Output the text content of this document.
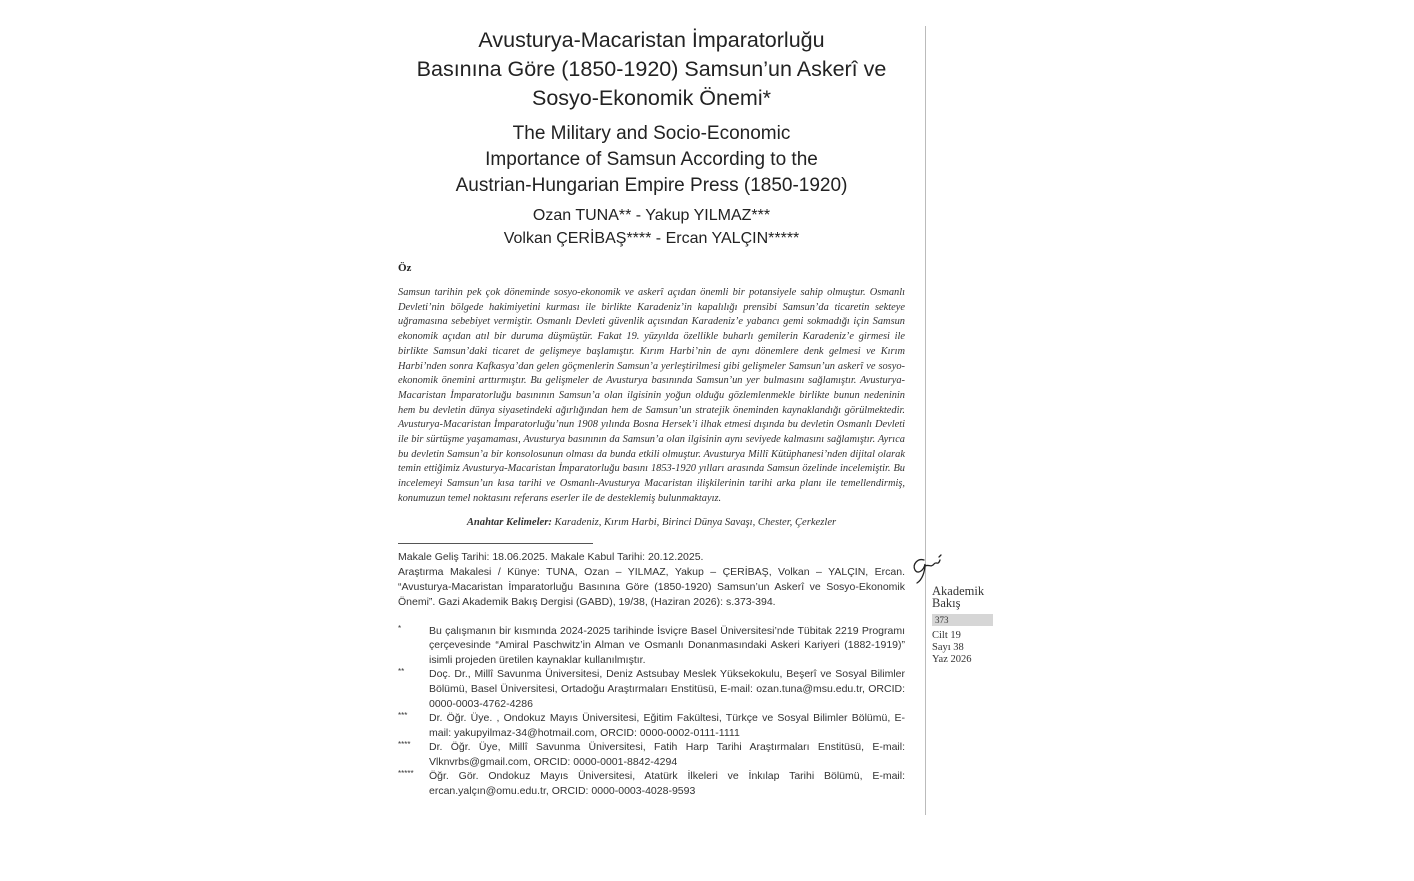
Avusturya-Macaristan İmparatorluğu
Basınına Göre (1850-1920) Samsun’un Askerî ve
Sosyo-Ekonomik Önemi*
The Military and Socio-Economic
Importance of Samsun According to the
Austrian-Hungarian Empire Press (1850-1920)
Ozan TUNA** - Yakup YILMAZ***
Volkan ÇERİBAŞ**** - Ercan YALÇIN*****
Öz

Samsun tarihin pek çok döneminde sosyo-ekonomik ve askerî açıdan önemli bir potansiyele sahip olmuştur. Osmanlı Devleti’nin bölgede hakimiyetini kurması ile birlikte Karadeniz’in kapalılığı prensibi Samsun’da ticaretin sekteye uğramasına sebebiyet vermiştir. Osmanlı Devleti güvenlik açısından Karadeniz’e yabancı gemi sokmadığı için Samsun ekonomik açıdan atıl bir duruma düşmüştür. Fakat 19. yüzyılda özellikle buharlı gemilerin Karadeniz’e girmesi ile birlikte Samsun’daki ticaret de gelişmeye başlamıştır. Kırım Harbi’nin de aynı dönemlere denk gelmesi ve Kırım Harbi’nden sonra Kafkasya’dan gelen göçmenlerin Samsun’a yerleştirilmesi gibi gelişmeler Samsun’un askerî ve sosyo-ekonomik önemini arttırmıştır. Bu gelişmeler de Avusturya basınında Samsun’un yer bulmasını sağlamıştır. Avusturya-Macaristan İmparatorluğu basınının Samsun’a olan ilgisinin yoğun olduğu gözlemlenmekle birlikte bunun nedeninin hem bu devletin dünya siyasetindeki ağırlığından hem de Samsun’un stratejik öneminden kaynaklandığı görülmektedir. Avusturya-Macaristan İmparatorluğu’nun 1908 yılında Bosna Hersek’i ilhak etmesi dışında bu devletin Osmanlı Devleti ile bir sürtüşme yaşamaması, Avusturya basınının da Samsun’a olan ilgisinin aynı seviyede kalmasını sağlamıştır. Ayrıca bu devletin Samsun’a bir konsolosunun olması da bunda etkili olmuştur. Avusturya Millî Kütüphanesi’nden dijital olarak temin ettiğimiz Avusturya-Macaristan İmparatorluğu basını 1853-1920 yılları arasında Samsun özelinde incelemiştir. Bu incelemeyi Samsun’un kısa tarihi ve Osmanlı-Avusturya Macaristan ilişkilerinin tarihi arka planı ile temellendirmiş, konumuzun temel noktasını referans eserler ile de desteklemiş bulunmaktayız.

Anahtar Kelimeler: Karadeniz, Kırım Harbi, Birinci Dünya Savaşı, Chester, Çerkezler

Makale Geliş Tarihi: 18.06.2025. Makale Kabul Tarihi: 20.12.2025.

Araştırma Makalesi / Künye: TUNA, Ozan – YILMAZ, Yakup – ÇERİBAŞ, Volkan – YALÇIN, Ercan. “Avusturya-Macaristan İmparatorluğu Basınına Göre (1850-1920) Samsun’un Askerî ve Sosyo-Ekonomik Önemi”. Gazi Akademik Bakış Dergisi (GABD), 19/38, (Haziran 2026): s.373-394.

*	Bu çalışmanın bir kısmında 2024-2025 tarihinde İsviçre Basel Üniversitesi’nde Tübitak 2219 Programı çerçevesinde “Amiral Paschwitz’in Alman ve Osmanlı Donanmasındaki Askeri Kariyeri (1882-1919)” isimli projeden üretilen kaynaklar kullanılmıştır.
**	Doç. Dr., Millî Savunma Üniversitesi, Deniz Astsubay Meslek Yüksekokulu, Beşerî ve Sosyal Bilimler Bölümü, Basel Üniversitesi, Ortadoğu Araştırmaları Enstitüsü, E-mail: ozan.tuna@msu.edu.tr, ORCID: 0000-0003-4762-4286
***	Dr. Öğr. Üye. , Ondokuz Mayıs Üniversitesi, Eğitim Fakültesi, Türkçe ve Sosyal Bilimler Bölümü, E-mail: yakupyilmaz-34@hotmail.com, ORCID: 0000-0002-0111-1111
****	Dr. Öğr. Üye, Millî Savunma Üniversitesi, Fatih Harp Tarihi Araştırmaları Enstitüsü, E-mail: Vlknvrbs@gmail.com, ORCID: 0000-0001-8842-4294
*****	Öğr. Gör. Ondokuz Mayıs Üniversitesi, Atatürk İlkeleri ve İnkılap Tarihi Bölümü, E-mail: ercan.yalçın@omu.edu.tr, ORCID: 0000-0003-4028-9593
Akademik
Bakış
373
Cilt 19
Sayı 38
Yaz 2026
